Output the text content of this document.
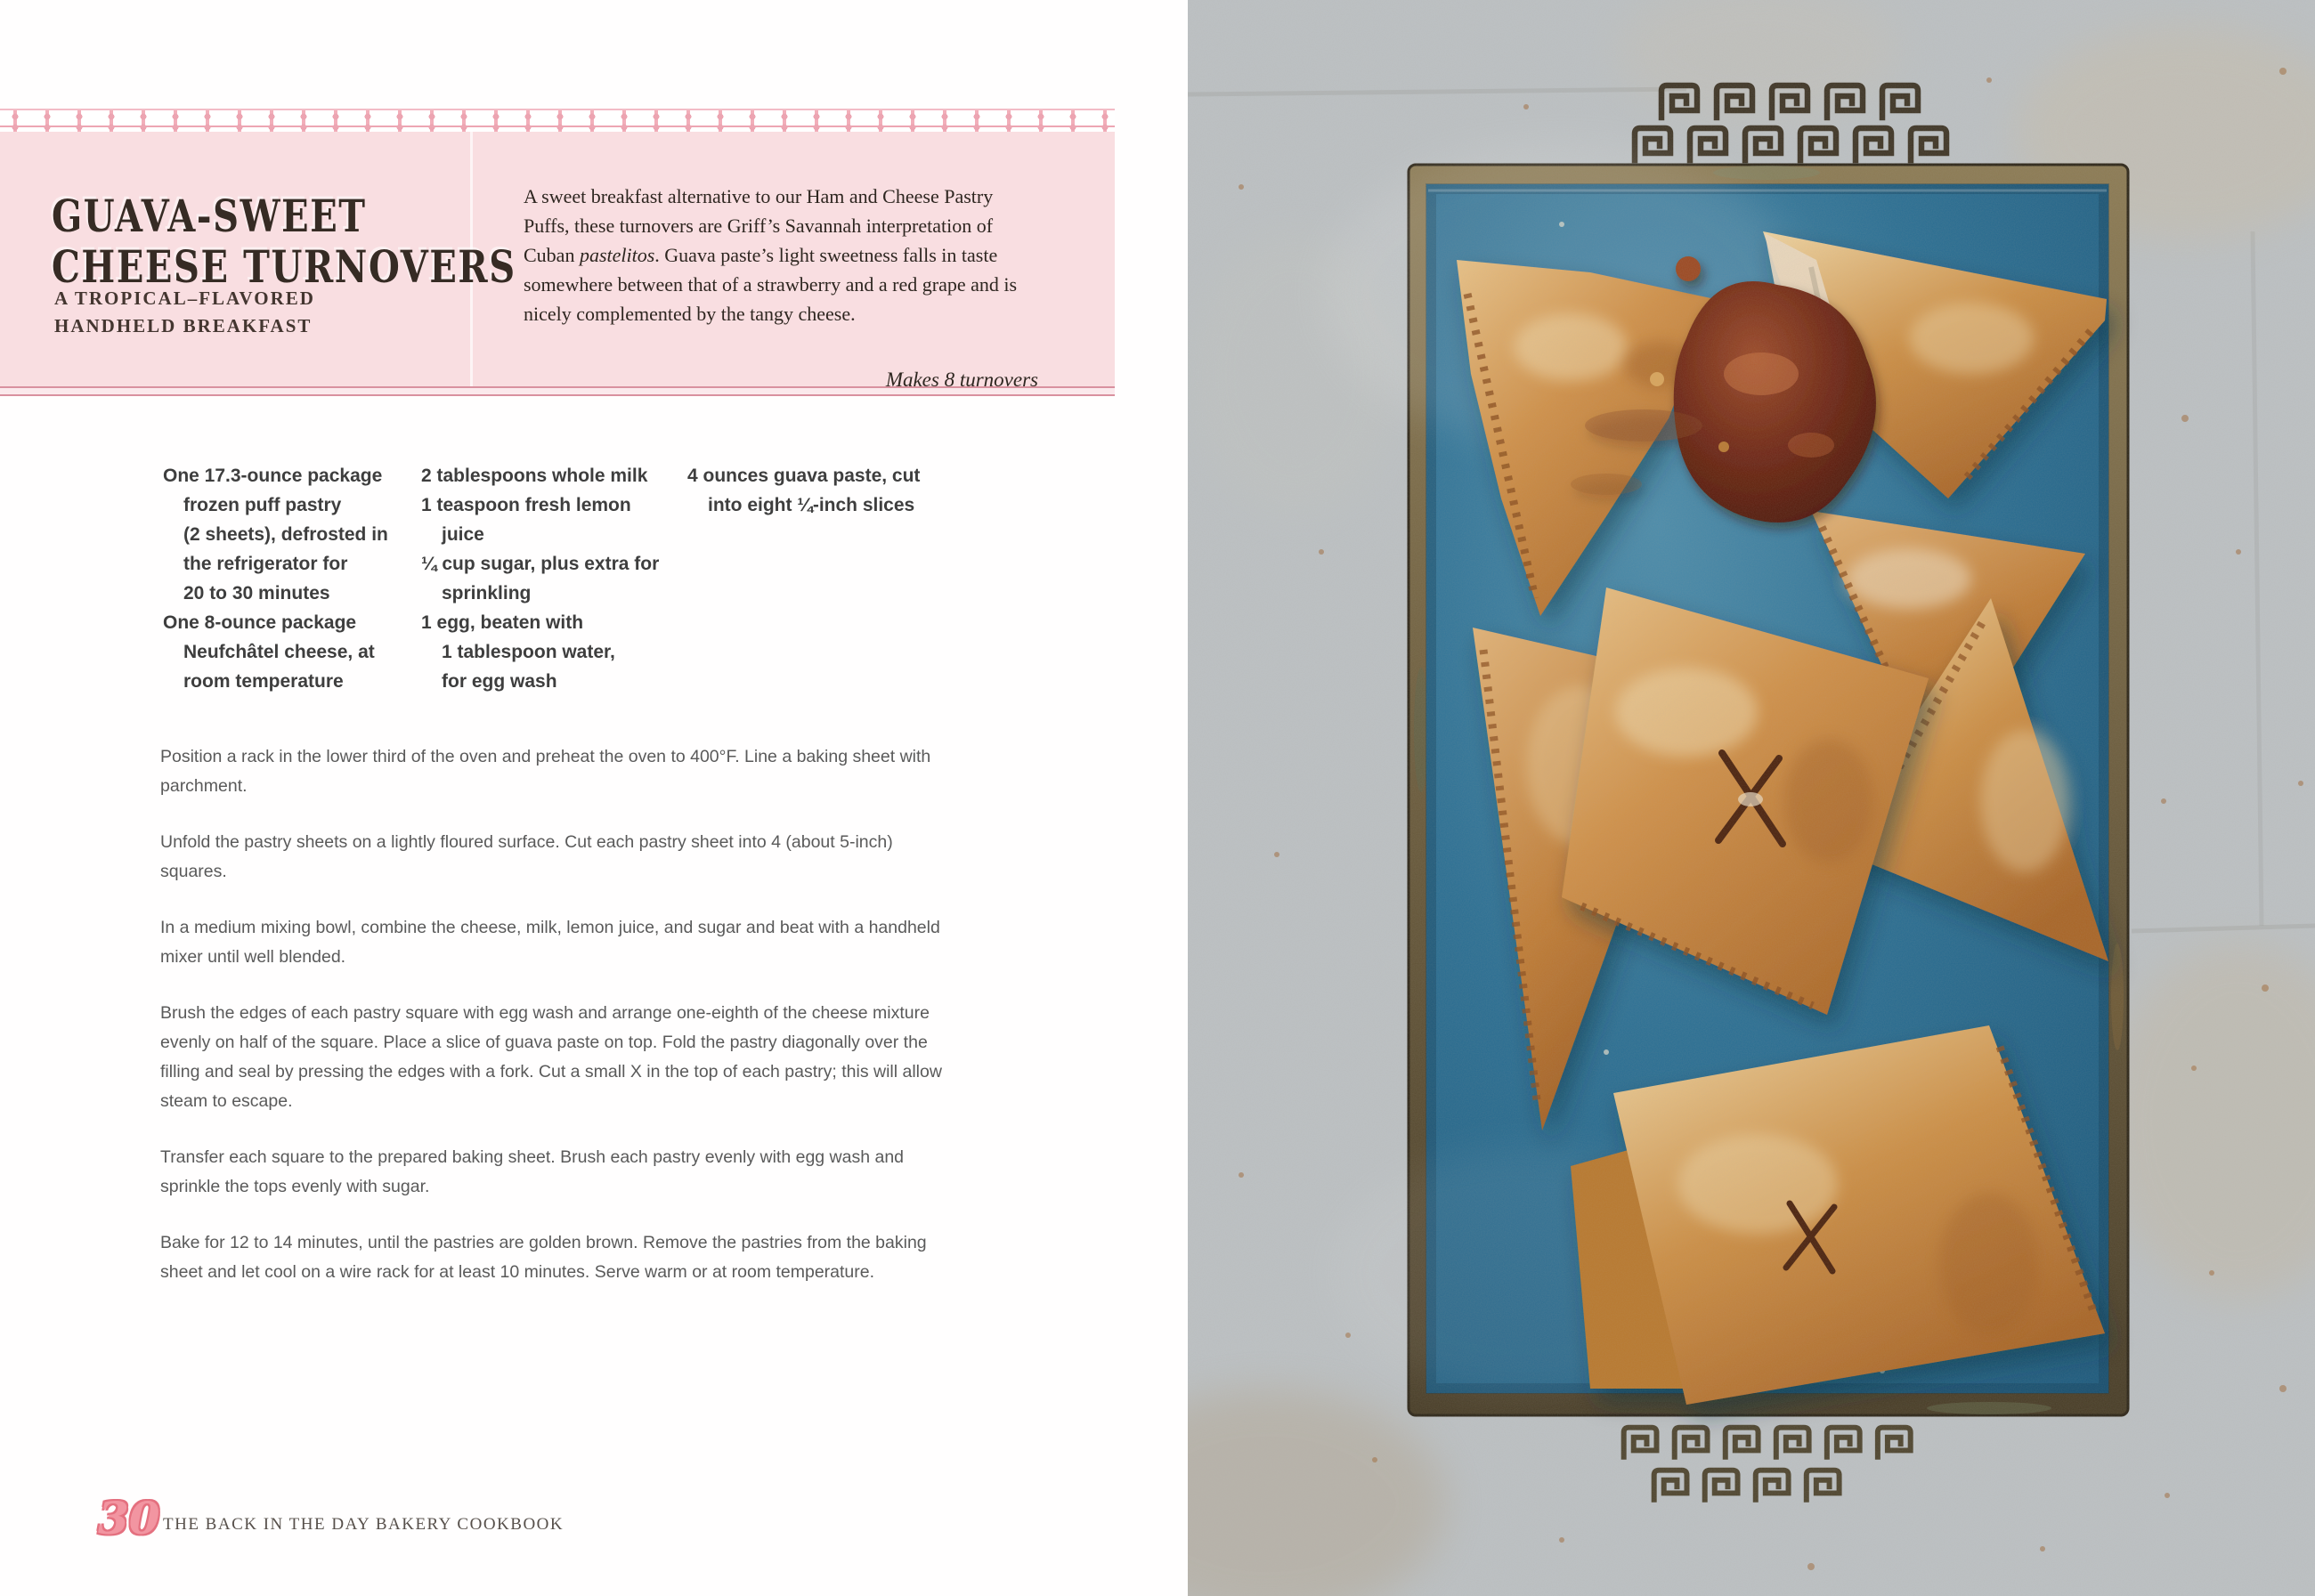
GUAVA-SWEET
CHEESE TURNOVERS
A TROPICAL–FLAVORED
HANDHELD BREAKFAST

A sweet breakfast alternative to our Ham and Cheese Pastry Puffs, these turnovers are Griff’s Savannah interpretation of Cuban pastelitos. Guava paste’s light sweetness falls in taste somewhere between that of a strawberry and a red grape and is nicely complemented by the tangy cheese.

Makes 8 turnovers

One 17.3-ounce package
frozen puff pastry
(2 sheets), defrosted in
the refrigerator for
20 to 30 minutes
One 8-ounce package
Neufchâtel cheese, at
room temperature
2 tablespoons whole milk
1 teaspoon fresh lemon
juice
¼ cup sugar, plus extra for
sprinkling
1 egg, beaten with
1 tablespoon water,
for egg wash
4 ounces guava paste, cut
into eight ¼-inch slices

Position a rack in the lower third of the oven and preheat the oven to 400°F. Line a baking sheet with parchment.

Unfold the pastry sheets on a lightly floured surface. Cut each pastry sheet into 4 (about 5-inch) squares.

In a medium mixing bowl, combine the cheese, milk, lemon juice, and sugar and beat with a handheld mixer until well blended.

Brush the edges of each pastry square with egg wash and arrange one-eighth of the cheese mixture evenly on half of the square. Place a slice of guava paste on top. Fold the pastry diagonally over the filling and seal by pressing the edges with a fork. Cut a small X in the top of each pastry; this will allow steam to escape.

Transfer each square to the prepared baking sheet. Brush each pastry evenly with egg wash and sprinkle the tops evenly with sugar.

Bake for 12 to 14 minutes, until the pastries are golden brown. Remove the pastries from the baking sheet and let cool on a wire rack for at least 10 minutes. Serve warm or at room temperature.

30 THE BACK IN THE DAY BAKERY COOKBOOK
